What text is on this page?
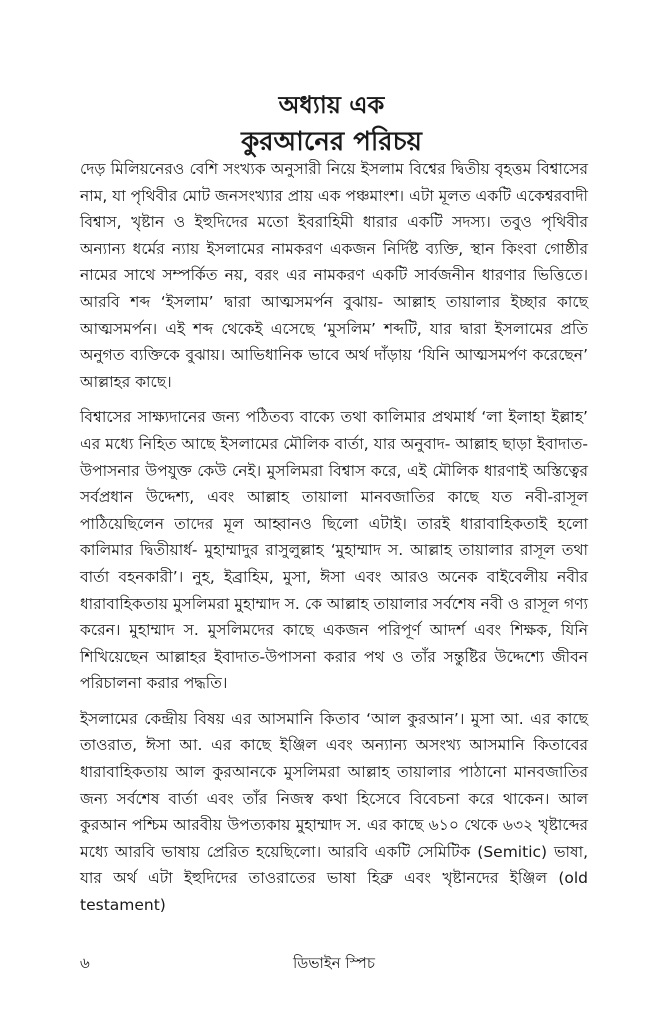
অধ্যায় এক

কুরআনের পরিচয়

দেড় মিলিয়নেরও বেশি সংখ্যক অনুসারী নিয়ে ইসলাম বিশ্বের দ্বিতীয় বৃহত্তম বিশ্বাসের নাম, যা পৃথিবীর মোট জনসংখ্যার প্রায় এক পঞ্চমাংশ। এটা মূলত একটি একেশ্বরবাদী বিশ্বাস, খৃষ্টান ও ইহুদিদের মতো ইবরাহিমী ধারার একটি সদস্য। তবুও পৃথিবীর অন্যান্য ধর্মের ন্যায় ইসলামের নামকরণ একজন নির্দিষ্ট ব্যক্তি, স্থান কিংবা গোষ্ঠীর নামের সাথে সম্পর্কিত নয়, বরং এর নামকরণ একটি সার্বজনীন ধারণার ভিত্তিতে। আরবি শব্দ ‘ইসলাম’ দ্বারা আত্মসমর্পন বুঝায়- আল্লাহ তায়ালার ইচ্ছার কাছে আত্মসমর্পন। এই শব্দ থেকেই এসেছে ‘মুসলিম’ শব্দটি, যার দ্বারা ইসলামের প্রতি অনুগত ব্যক্তিকে বুঝায়। আভিধানিক ভাবে অর্থ দাঁড়ায় ‘যিনি আত্মসমর্পণ করেছেন’ আল্লাহর কাছে।

বিশ্বাসের সাক্ষ্যদানের জন্য পঠিতব্য বাক্যে তথা কালিমার প্রথমার্ধ ‘লা ইলাহা ইল্লাহ’ এর মধ্যে নিহিত আছে ইসলামের মৌলিক বার্তা, যার অনুবাদ- আল্লাহ ছাড়া ইবাদাত-উপাসনার উপযুক্ত কেউ নেই। মুসলিমরা বিশ্বাস করে, এই মৌলিক ধারণাই অস্তিত্বের সর্বপ্রধান উদ্দেশ্য, এবং আল্লাহ তায়ালা মানবজাতির কাছে যত নবী-রাসূল পাঠিয়েছিলেন তাদের মূল আহ্বানও ছিলো এটাই। তারই ধারাবাহিকতাই হলো কালিমার দ্বিতীয়ার্ধ- মুহাম্মাদুর রাসুলুল্লাহ ‘মুহাম্মাদ স. আল্লাহ তায়ালার রাসূল তথা বার্তা বহনকারী’। নুহ, ইব্রাহিম, মুসা, ঈসা এবং আরও অনেক বাইবেলীয় নবীর ধারাবাহিকতায় মুসলিমরা মুহাম্মাদ স. কে আল্লাহ তায়ালার সর্বশেষ নবী ও রাসূল গণ্য করেন। মুহাম্মাদ স. মুসলিমদের কাছে একজন পরিপূর্ণ আদর্শ এবং শিক্ষক, যিনি শিখিয়েছেন আল্লাহর ইবাদাত-উপাসনা করার পথ ও তাঁর সন্তুষ্টির উদ্দেশ্যে জীবন পরিচালনা করার পদ্ধতি।

ইসলামের কেন্দ্রীয় বিষয় এর আসমানি কিতাব ‘আল কুরআন’। মুসা আ. এর কাছে তাওরাত, ঈসা আ. এর কাছে ইঞ্জিল এবং অন্যান্য অসংখ্য আসমানি কিতাবের ধারাবাহিকতায় আল কুরআনকে মুসলিমরা আল্লাহ তায়ালার পাঠানো মানবজাতির জন্য সর্বশেষ বার্তা এবং তাঁর নিজস্ব কথা হিসেবে বিবেচনা করে থাকেন। আল কুরআন পশ্চিম আরবীয় উপত্যকায় মুহাম্মাদ স. এর কাছে ৬১০ থেকে ৬৩২ খৃষ্টাব্দের মধ্যে আরবি ভাষায় প্রেরিত হয়েছিলো। আরবি একটি সেমিটিক (Semitic) ভাষা, যার অর্থ এটা ইহুদিদের তাওরাতের ভাষা হিব্রু এবং খৃষ্টানদের ইঞ্জিল (old testament)

৬	ডিভাইন স্পিচ
